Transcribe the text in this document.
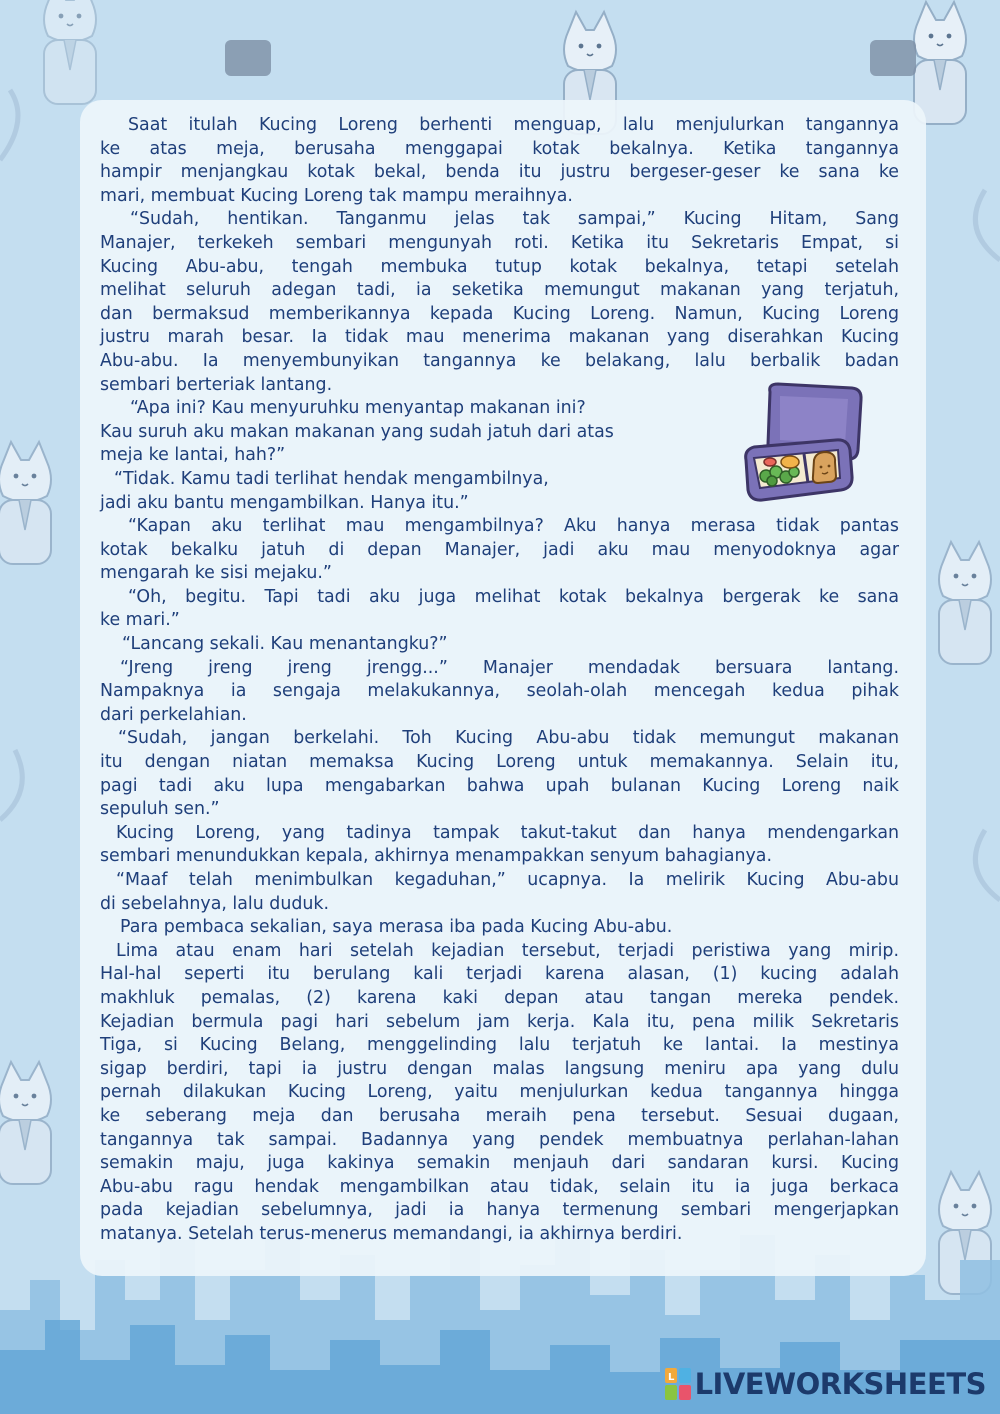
Saat itulah Kucing Loreng berhenti menguap, lalu menjulurkan tangannya

ke atas meja, berusaha menggapai kotak bekalnya. Ketika tangannya

hampir menjangkau kotak bekal, benda itu justru bergeser-geser ke sana ke

mari, membuat Kucing Loreng tak mampu meraihnya.

“Sudah, hentikan. Tanganmu jelas tak sampai,” Kucing Hitam, Sang

Manajer, terkekeh sembari mengunyah roti. Ketika itu Sekretaris Empat, si

Kucing Abu-abu, tengah membuka tutup kotak bekalnya, tetapi setelah

melihat seluruh adegan tadi, ia seketika memungut makanan yang terjatuh,

dan bermaksud memberikannya kepada Kucing Loreng. Namun, Kucing Loreng

justru marah besar. Ia tidak mau menerima makanan yang diserahkan Kucing

Abu-abu. Ia menyembunyikan tangannya ke belakang, lalu berbalik badan

sembari berteriak lantang.

“Apa ini? Kau menyuruhku menyantap makanan ini?

Kau suruh aku makan makanan yang sudah jatuh dari atas

meja ke lantai, hah?”

“Tidak. Kamu tadi terlihat hendak mengambilnya,

jadi aku bantu mengambilkan. Hanya itu.”

“Kapan aku terlihat mau mengambilnya? Aku hanya merasa tidak pantas

kotak bekalku jatuh di depan Manajer, jadi aku mau menyodoknya agar

mengarah ke sisi mejaku.”

“Oh, begitu. Tapi tadi aku juga melihat kotak bekalnya bergerak ke sana

ke mari.”

“Lancang sekali. Kau menantangku?”

“Jreng jreng jreng jrengg...” Manajer mendadak bersuara lantang.

Nampaknya ia sengaja melakukannya, seolah-olah mencegah kedua pihak

dari perkelahian.

“Sudah, jangan berkelahi. Toh Kucing Abu-abu tidak memungut makanan

itu dengan niatan memaksa Kucing Loreng untuk memakannya. Selain itu,

pagi tadi aku lupa mengabarkan bahwa upah bulanan Kucing Loreng naik

sepuluh sen.”

Kucing Loreng, yang tadinya tampak takut-takut dan hanya mendengarkan

sembari menundukkan kepala, akhirnya menampakkan senyum bahagianya.

“Maaf telah menimbulkan kegaduhan,” ucapnya. Ia melirik Kucing Abu-abu

di sebelahnya, lalu duduk.

Para pembaca sekalian, saya merasa iba pada Kucing Abu-abu.

Lima atau enam hari setelah kejadian tersebut, terjadi peristiwa yang mirip.

Hal-hal seperti itu berulang kali terjadi karena alasan, (1) kucing adalah

makhluk pemalas, (2) karena kaki depan atau tangan mereka pendek.

Kejadian bermula pagi hari sebelum jam kerja. Kala itu, pena milik Sekretaris

Tiga, si Kucing Belang, menggelinding lalu terjatuh ke lantai. Ia mestinya

sigap berdiri, tapi ia justru dengan malas langsung meniru apa yang dulu

pernah dilakukan Kucing Loreng, yaitu menjulurkan kedua tangannya hingga

ke seberang meja dan berusaha meraih pena tersebut. Sesuai dugaan,

tangannya tak sampai. Badannya yang pendek membuatnya perlahan-lahan

semakin maju, juga kakinya semakin menjauh dari sandaran kursi. Kucing

Abu-abu ragu hendak mengambilkan atau tidak, selain itu ia juga berkaca

pada kejadian sebelumnya, jadi ia hanya termenung sembari mengerjapkan

matanya. Setelah terus-menerus memandangi, ia akhirnya berdiri.

L LIVEWORKSHEETS
